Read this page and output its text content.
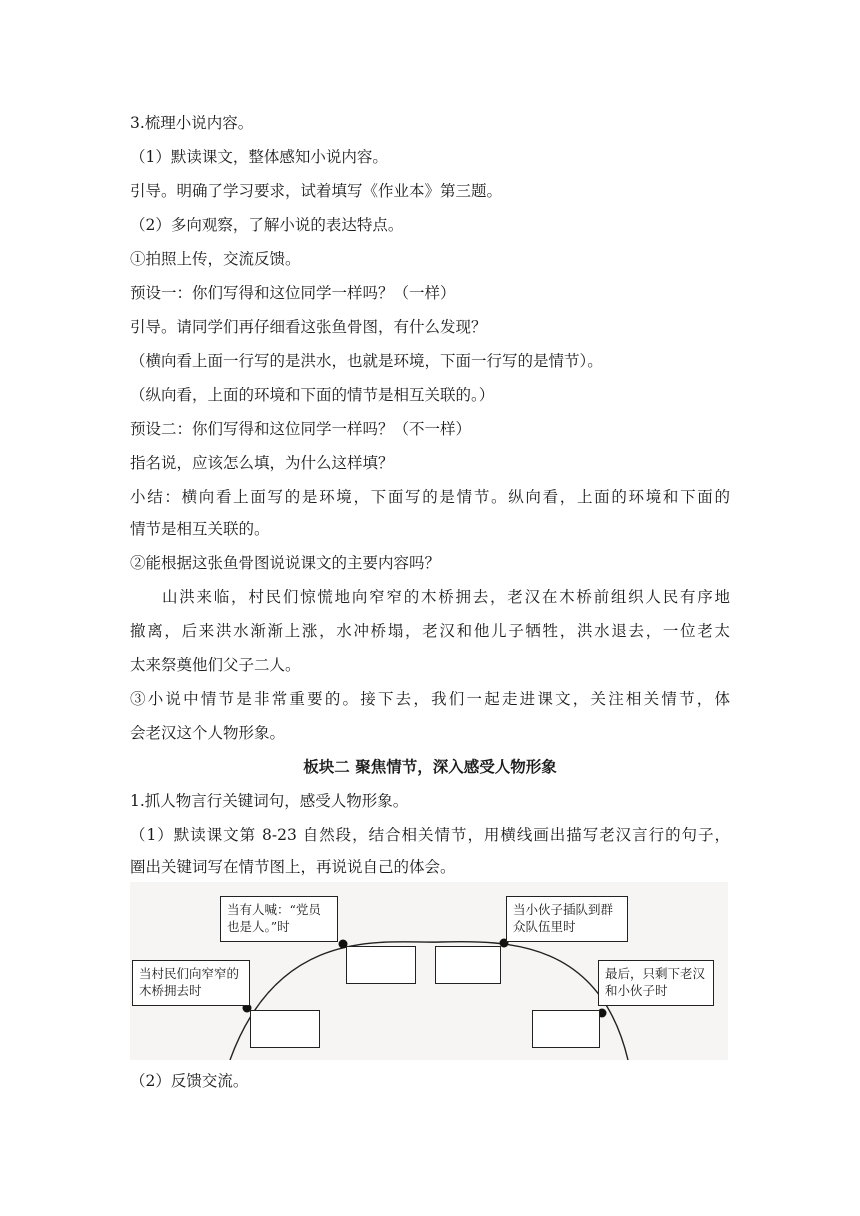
3.梳理小说内容。
（1）默读课文，整体感知小说内容。
引导。明确了学习要求，试着填写《作业本》第三题。
（2）多向观察，了解小说的表达特点。
①拍照上传，交流反馈。
预设一：你们写得和这位同学一样吗？（一样）
引导。请同学们再仔细看这张鱼骨图，有什么发现？
（横向看上面一行写的是洪水，也就是环境，下面一行写的是情节）。
（纵向看，上面的环境和下面的情节是相互关联的。）
预设二：你们写得和这位同学一样吗？（不一样）
指名说，应该怎么填，为什么这样填？
小结：横向看上面写的是环境，下面写的是情节。纵向看，上面的环境和下面的
情节是相互关联的。
②能根据这张鱼骨图说说课文的主要内容吗？
山洪来临，村民们惊慌地向窄窄的木桥拥去，老汉在木桥前组织人民有序地
撤离，后来洪水渐渐上涨，水冲桥塌，老汉和他儿子牺牲，洪水退去，一位老太
太来祭奠他们父子二人。
③小说中情节是非常重要的。接下去，我们一起走进课文，关注相关情节，体
会老汉这个人物形象。
板块二 聚焦情节，深入感受人物形象
1.抓人物言行关键词句，感受人物形象。
（1）默读课文第 8-23 自然段，结合相关情节，用横线画出描写老汉言行的句子，
圈出关键词写在情节图上，再说说自己的体会。
当村民们向窄窄的
木桥拥去时
当有人喊：“党员
也是人。”时
当小伙子插队到群
众队伍里时
最后，只剩下老汉
和小伙子时
（2）反馈交流。
